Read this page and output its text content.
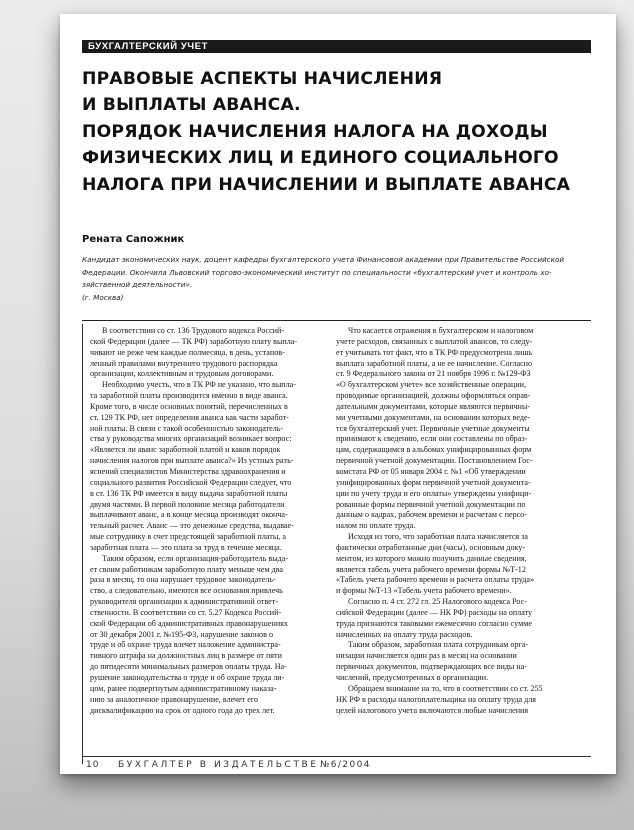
БУХГАЛТЕРСКИЙ УЧЕТ
ПРАВОВЫЕ АСПЕКТЫ НАЧИСЛЕНИЯ
И ВЫПЛАТЫ АВАНСА.
ПОРЯДОК НАЧИСЛЕНИЯ НАЛОГА НА ДОХОДЫ
ФИЗИЧЕСКИХ ЛИЦ И ЕДИНОГО СОЦИАЛЬНОГО
НАЛОГА ПРИ НАЧИСЛЕНИИ И ВЫПЛАТЕ АВАНСА
Рената Сапожник
Кандидат экономических наук, доцент кафедры бухгалтерского учета Финансовой академии при Правительстве Российской
Федерации. Окончила Львовский торгово-экономический институт по специальности «бухгалтерский учет и контроль хо-
зяйственной деятельности».
(г. Москва)
В соответствии со ст. 136 Трудового кодекса Россий-
ской Федерации (далее — ТК РФ) заработную плату выпла-
чивают не реже чем каждые полмесяца, в день, установ-
ленный правилами внутреннего трудового распорядка
организации, коллективным и трудовым договорами.
Необходимо учесть, что в ТК РФ не указано, что выпла-
та заработной платы производится именно в виде аванса.
Кроме того, в числе основных понятий, перечисленных в
ст. 129 ТК РФ, нет определения аванса как части заработ-
ной платы. В связи с такой особенностью законодатель-
ства у руководства многих организаций возникает вопрос:
«Является ли аванс заработной платой и каков порядок
начисления налогов при выплате аванса?» Из устных разъ-
яснений специалистов Министерства здравоохранения и
социального развития Российской Федерации следует, что
в ст. 136 ТК РФ имеется в виду выдача заработной платы
двумя частями. В первой половине месяца работодатели
выплачивают аванс, а в конце месяца производят оконча-
тельный расчет. Аванс — это денежные средства, выдавае-
мые сотруднику в счет предстоящей заработной платы, а
заработная плата — это плата за труд в течение месяца.
Таким образом, если организация-работодатель выда-
ет своим работникам заработную плату меньше чем два
раза в месяц, то она нарушает трудовое законодатель-
ство, а следовательно, имеются все основания привлечь
руководителя организации к административной ответ-
ственности. В соответствии со ст. 5.27 Кодекса Россий-
ской Федерации об административных правонарушениях
от 30 декабря 2001 г. №195-ФЗ, нарушение законов о
труде и об охране труда влечет наложение администра-
тивного штрафа на должностных лиц в размере от пяти
до пятидесяти минимальных размеров оплаты труда. На-
рушение законодательства о труде и об охране труда ли-
цом, ранее подвергнутым административному наказа-
нию за аналогичное правонарушение, влечет его
дисквалификацию на срок от одного года до трех лет.
Что касается отражения в бухгалтерском и налоговом
учете расходов, связанных с выплатой авансов, то следу-
ет учитывать тот факт, что в ТК РФ предусмотрена лишь
выплата заработной платы, а не ее начисление. Согласно
ст. 9 Федерального закона от 21 ноября 1996 г. №129-ФЗ
«О бухгалтерском учете» все хозяйственные операции,
проводимые организацией, должны оформляться оправ-
дательными документами, которые являются первичны-
ми учетными документами, на основании которых веде-
тся бухгалтерский учет. Первичные учетные документы
принимают к сведению, если они составлены по образ-
цам, содержащимся в альбомах унифицированных форм
первичной учетной документации. Постановлением Гос-
комстата РФ от 05 января 2004 г. №1 «Об утверждении
унифицированных форм первичной учетной документа-
ции по учету труда и его оплаты» утверждены унифици-
рованные формы первичной учетной документации по
данным о кадрах, рабочем времени и расчетам с персо-
налом по оплате труда.
Исходя из того, что заработная плата начисляется за
фактически отработанные дни (часы), основным доку-
ментом, из которого можно получить данные сведения,
является табель учета рабочего времени формы №Т-12
«Табель учета рабочего времени и расчета оплаты труда»
и формы №Т-13 «Табель учета рабочего времени».
Согласно п. 4 ст. 272 гл. 25 Налогового кодекса Рос-
сийской Федерации (далее — НК РФ) расходы на оплату
труда признаются таковыми ежемесячно согласно сумме
начисленных на оплату труда расходов.
Таким образом, заработная плата сотрудникам орга-
низации начисляется один раз в месяц на основании
первичных документов, подтверждающих все виды на-
числений, предусмотренных в организации.
Обращаем внимание на то, что в соответствии со ст. 255
НК РФ в расходы налогоплательщика на оплату труда для
целей налогового учета включаются любые начисления
10 БУХГАЛТЕР В ИЗДАТЕЛЬСТВЕ №6/2004
